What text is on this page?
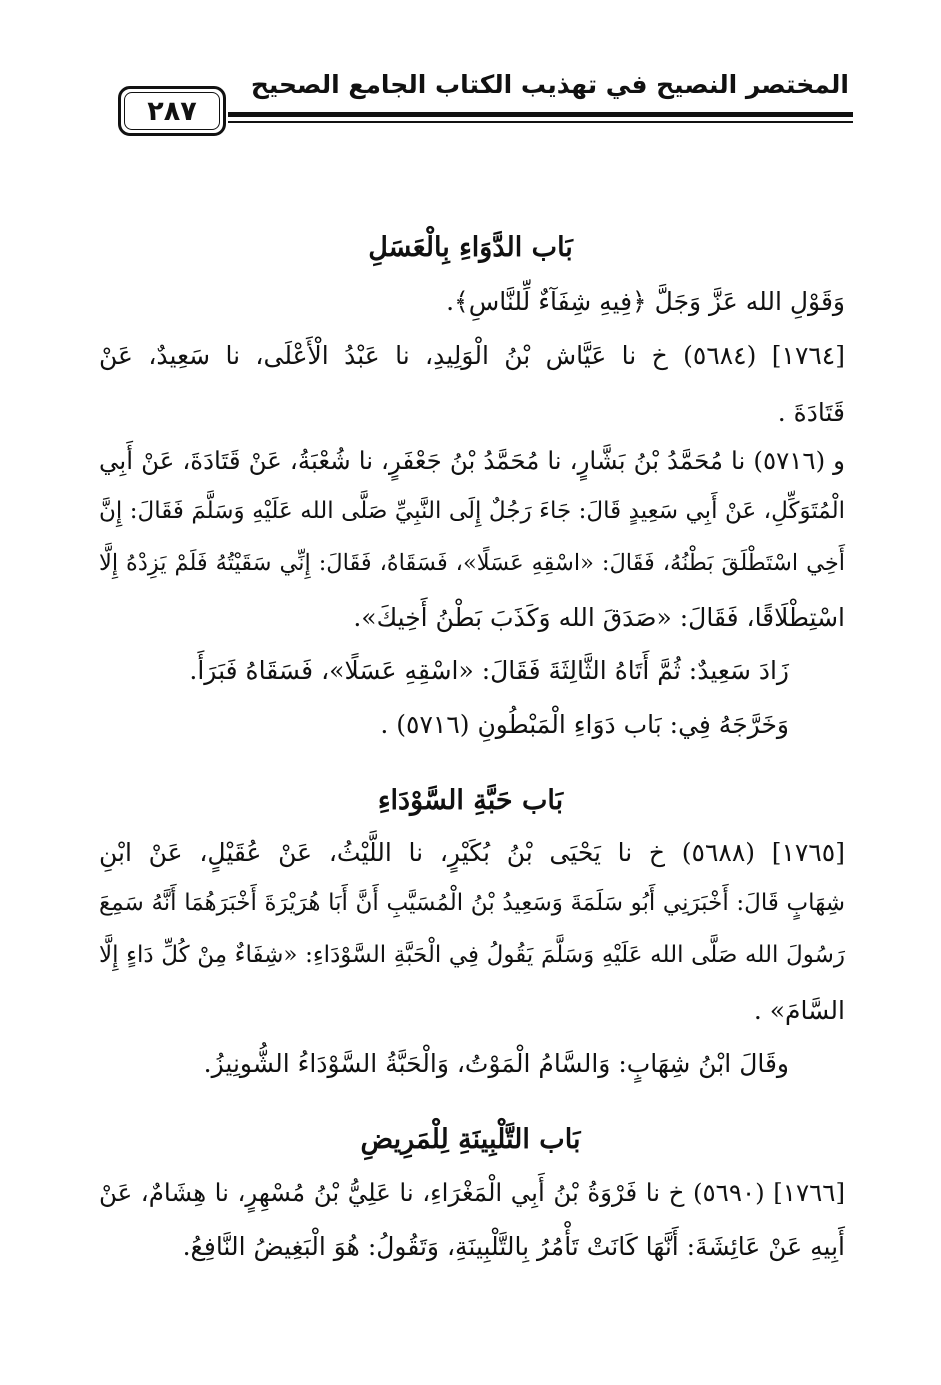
المختصر النصيح في تهذيب الكتاب الجامع الصحيح
٢٨٧
بَاب الدَّوَاءِ بِالْعَسَلِ
وَقَوْلِ الله عَزَّ وَجَلَّ ﴿فِيهِ شِفَآءٌ لِّلنَّاسِ﴾.
[١٧٦٤] (٥٦٨٤) خ نا عَيَّاش بْنُ الْوَلِيدِ، نا عَبْدُ الْأَعْلَى، نا سَعِيدٌ، عَنْ
قَتَادَةَ .
و (٥٧١٦) نا مُحَمَّدُ بْنُ بَشَّارٍ، نا مُحَمَّدُ بْنُ جَعْفَرٍ، نا شُعْبَةُ، عَنْ قَتَادَةَ، عَنْ أَبِي
الْمُتَوَكِّلِ، عَنْ أَبِي سَعِيدٍ قَالَ: جَاءَ رَجُلٌ إِلَى النَّبِيِّ صَلَّى الله عَلَيْهِ وَسَلَّمَ فَقَالَ: إِنَّ
أَخِي اسْتَطْلَقَ بَطْنُهُ، فَقَالَ: «اسْقِهِ عَسَلًا»، فَسَقَاهُ، فَقَالَ: إِنِّي سَقَيْتُهُ فَلَمْ يَزِدْهُ إِلَّا
اسْتِطْلَاقًا، فَقَالَ: «صَدَقَ الله وَكَذَبَ بَطْنُ أَخِيكَ».
زَادَ سَعِيدٌ: ثُمَّ أَتَاهُ الثَّالِثَةَ فَقَالَ: «اسْقِهِ عَسَلًا»، فَسَقَاهُ فَبَرَأَ.
وَخَرَّجَهُ فِي: بَاب دَوَاءِ الْمَبْطُونِ (٥٧١٦) .
بَاب حَبَّةِ السَّوْدَاءِ
[١٧٦٥] (٥٦٨٨) خ نا يَحْيَى بْنُ بُكَيْرٍ، نا اللَّيْثُ، عَنْ عُقَيْلٍ، عَنْ ابْنِ
شِهَابٍ قَالَ: أَخْبَرَنِي أَبُو سَلَمَةَ وَسَعِيدُ بْنُ الْمُسَيَّبِ أَنَّ أَبَا هُرَيْرَةَ أَخْبَرَهُمَا أَنَّهُ سَمِعَ
رَسُولَ الله صَلَّى الله عَلَيْهِ وَسَلَّمَ يَقُولُ فِي الْحَبَّةِ السَّوْدَاءِ: «شِفَاءٌ مِنْ كُلِّ دَاءٍ إِلَّا
السَّامَ» .
وقَالَ ابْنُ شِهَابٍ: وَالسَّامُ الْمَوْتُ، وَالْحَبَّةُ السَّوْدَاءُ الشُّونِيزُ.
بَاب التَّلْبِينَةِ لِلْمَرِيضِ
[١٧٦٦] (٥٦٩٠) خ نا فَرْوَةُ بْنُ أَبِي الْمَغْرَاءِ، نا عَلِيُّ بْنُ مُسْهِرٍ، نا هِشَامٌ، عَنْ
أَبِيهِ عَنْ عَائِشَةَ: أَنَّهَا كَانَتْ تَأْمُرُ بِالتَّلْبِينَةِ، وَتَقُولُ: هُوَ الْبَغِيضُ النَّافِعُ.
